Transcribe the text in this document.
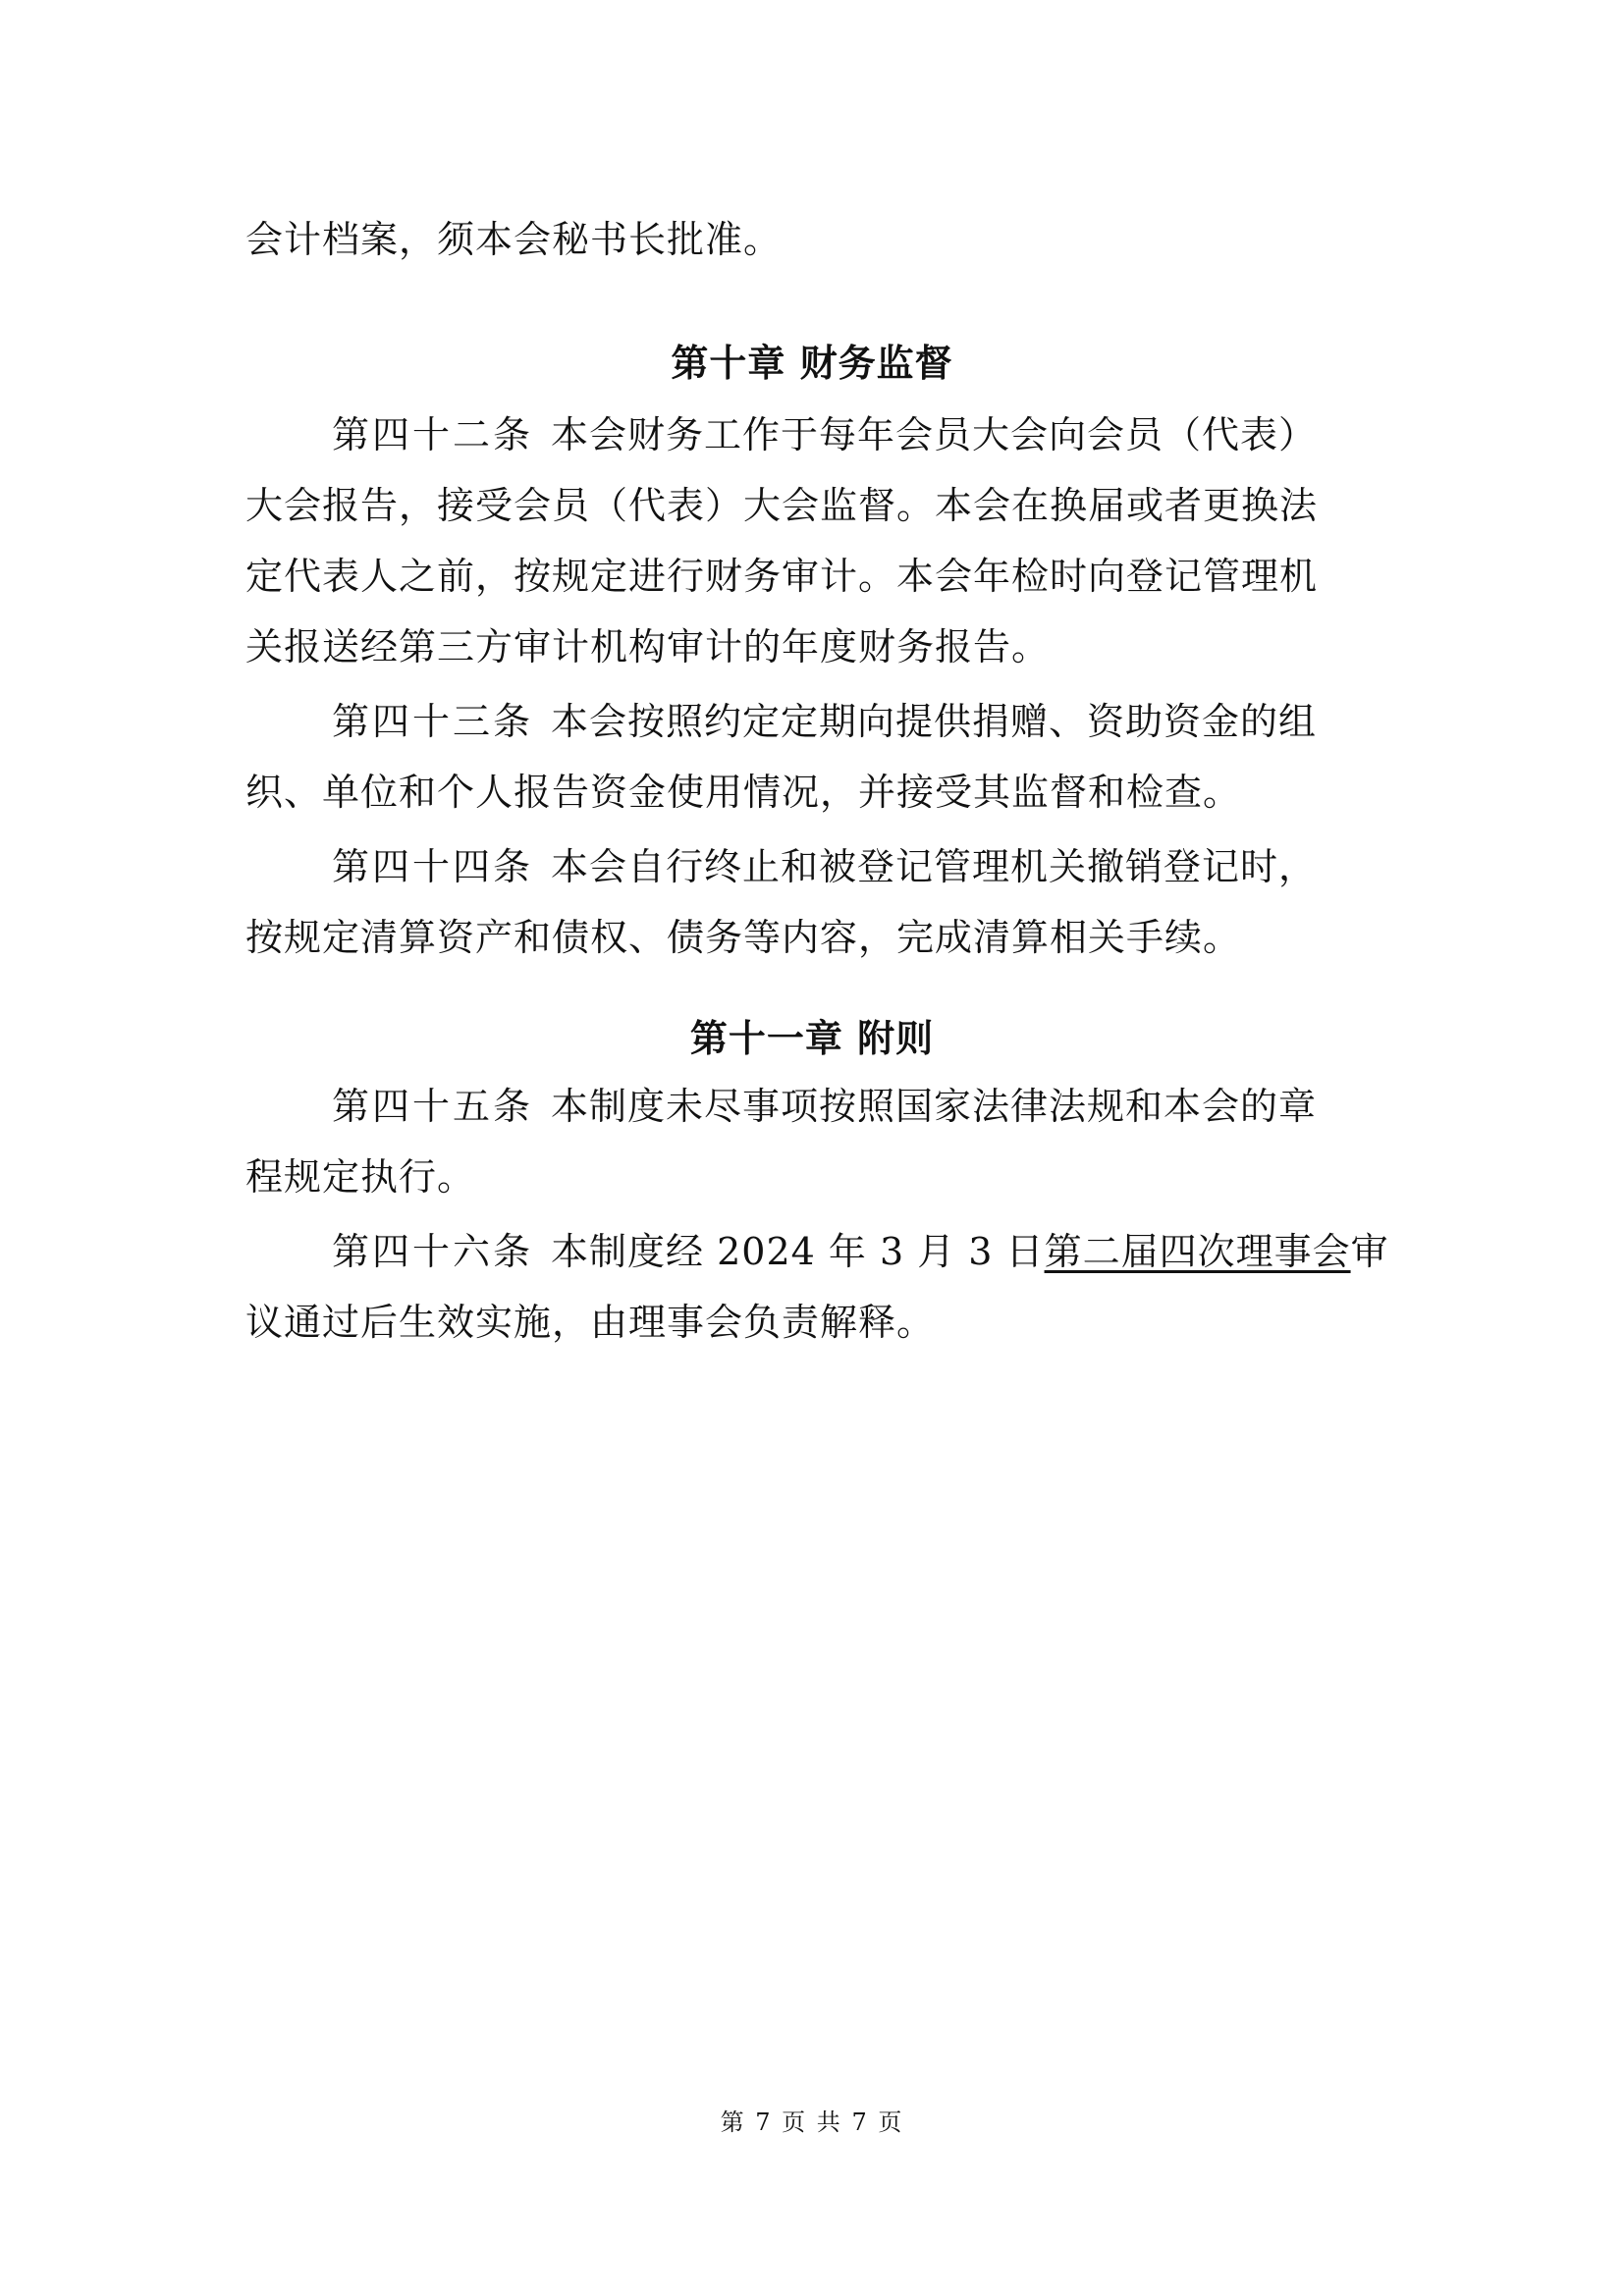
会计档案，须本会秘书长批准。
第十章 财务监督
第四十二条 本会财务工作于每年会员大会向会员（代表）
大会报告，接受会员（代表）大会监督。本会在换届或者更换法
定代表人之前，按规定进行财务审计。本会年检时向登记管理机
关报送经第三方审计机构审计的年度财务报告。
第四十三条 本会按照约定定期向提供捐赠、资助资金的组
织、单位和个人报告资金使用情况，并接受其监督和检查。
第四十四条 本会自行终止和被登记管理机关撤销登记时，
按规定清算资产和债权、债务等内容，完成清算相关手续。
第十一章 附则
第四十五条 本制度未尽事项按照国家法律法规和本会的章
程规定执行。
第四十六条 本制度经 2024 年 3 月 3 日第二届四次理事会审
议通过后生效实施，由理事会负责解释。
第 7 页 共 7 页
